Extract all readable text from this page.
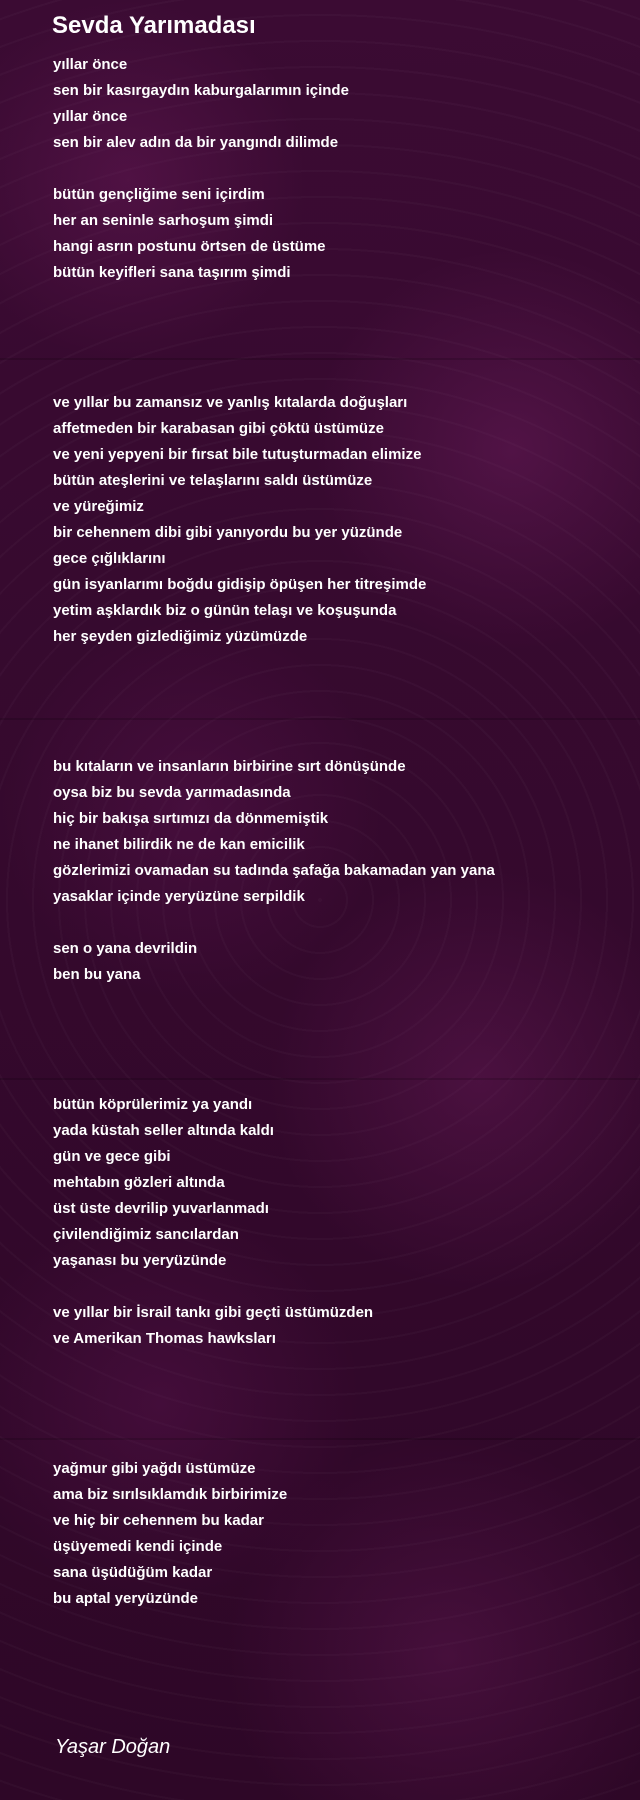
Sevda Yarımadası
yıllar önce
sen bir kasırgaydın kaburgalarımın içinde
yıllar önce
sen bir alev adın da bir yangındı dilimde
bütün gençliğime seni içirdim
her an seninle sarhoşum şimdi
hangi asrın postunu örtsen de üstüme
bütün keyifleri sana taşırım şimdi
ve yıllar bu zamansız ve yanlış kıtalarda doğuşları
affetmeden bir karabasan gibi çöktü üstümüze
ve yeni yepyeni bir fırsat bile tutuşturmadan elimize
bütün ateşlerini ve telaşlarını saldı üstümüze
ve yüreğimiz
bir cehennem dibi gibi yanıyordu bu yer yüzünde
gece çığlıklarını
gün isyanlarımı boğdu gidişip öpüşen her titreşimde
yetim aşklardık biz o günün telaşı ve koşuşunda
her şeyden gizlediğimiz yüzümüzde
bu kıtaların ve insanların birbirine sırt dönüşünde
oysa biz bu sevda yarımadasında
hiç bir bakışa sırtımızı da dönmemiştik
ne ihanet bilirdik ne de kan emicilik
gözlerimizi ovamadan su tadında şafağa bakamadan yan yana
yasaklar içinde yeryüzüne serpildik
sen o yana devrildin
ben bu yana
bütün köprülerimiz ya yandı
yada küstah seller altında kaldı
gün ve gece gibi
mehtabın gözleri altında
üst üste devrilip yuvarlanmadı
çivilendiğimiz sancılardan
yaşanası bu yeryüzünde
ve yıllar bir İsrail tankı gibi geçti üstümüzden
ve Amerikan Thomas hawksları
yağmur gibi yağdı üstümüze
ama biz sırılsıklamdık birbirimize
ve hiç bir cehennem bu kadar
üşüyemedi kendi içinde
sana üşüdüğüm kadar
bu aptal yeryüzünde

Yaşar Doğan
